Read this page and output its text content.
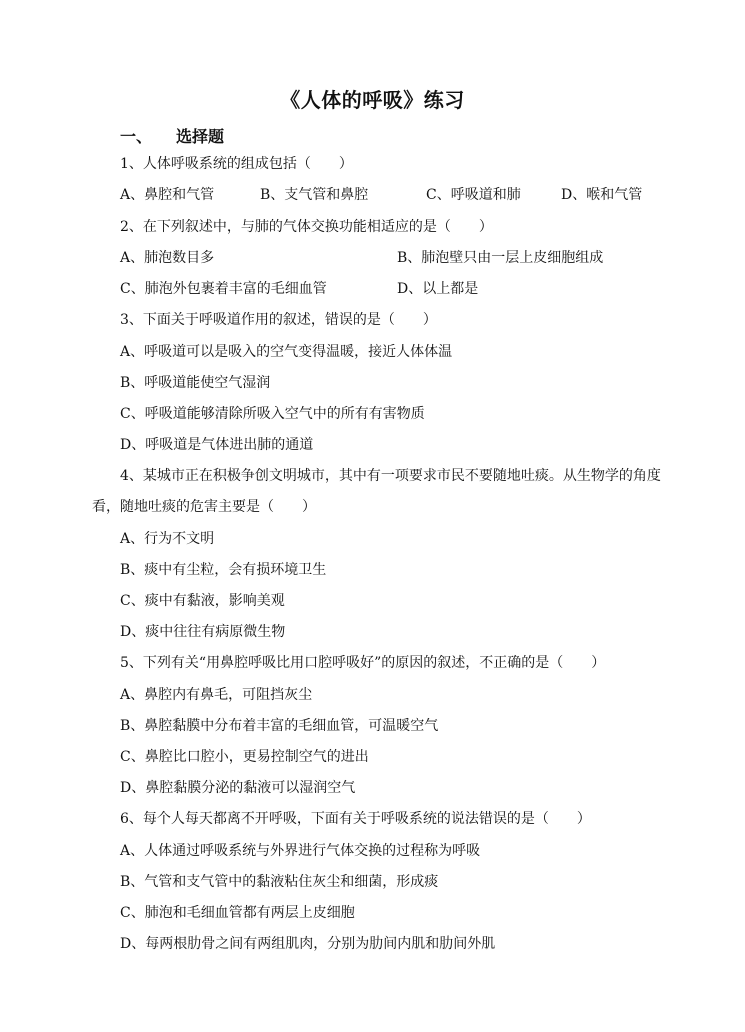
《人体的呼吸》练习
一、 选择题
1、人体呼吸系统的组成包括（　　）
A、鼻腔和气管	B、支气管和鼻腔	C、呼吸道和肺	D、喉和气管
2、在下列叙述中，与肺的气体交换功能相适应的是（　　）
A、肺泡数目多	B、肺泡壁只由一层上皮细胞组成
C、肺泡外包裹着丰富的毛细血管	D、以上都是
3、下面关于呼吸道作用的叙述，错误的是（　　）
A、呼吸道可以是吸入的空气变得温暖，接近人体体温
B、呼吸道能使空气湿润
C、呼吸道能够清除所吸入空气中的所有有害物质
D、呼吸道是气体进出肺的通道
4、某城市正在积极争创文明城市，其中有一项要求市民不要随地吐痰。从生物学的角度
看，随地吐痰的危害主要是（　　）
A、行为不文明
B、痰中有尘粒，会有损环境卫生
C、痰中有黏液，影响美观
D、痰中往往有病原微生物
5、下列有关“用鼻腔呼吸比用口腔呼吸好”的原因的叙述，不正确的是（　　）
A、鼻腔内有鼻毛，可阻挡灰尘
B、鼻腔黏膜中分布着丰富的毛细血管，可温暖空气
C、鼻腔比口腔小，更易控制空气的进出
D、鼻腔黏膜分泌的黏液可以湿润空气
6、每个人每天都离不开呼吸，下面有关于呼吸系统的说法错误的是（　　）
A、人体通过呼吸系统与外界进行气体交换的过程称为呼吸
B、气管和支气管中的黏液粘住灰尘和细菌，形成痰
C、肺泡和毛细血管都有两层上皮细胞
D、每两根肋骨之间有两组肌肉，分别为肋间内肌和肋间外肌
